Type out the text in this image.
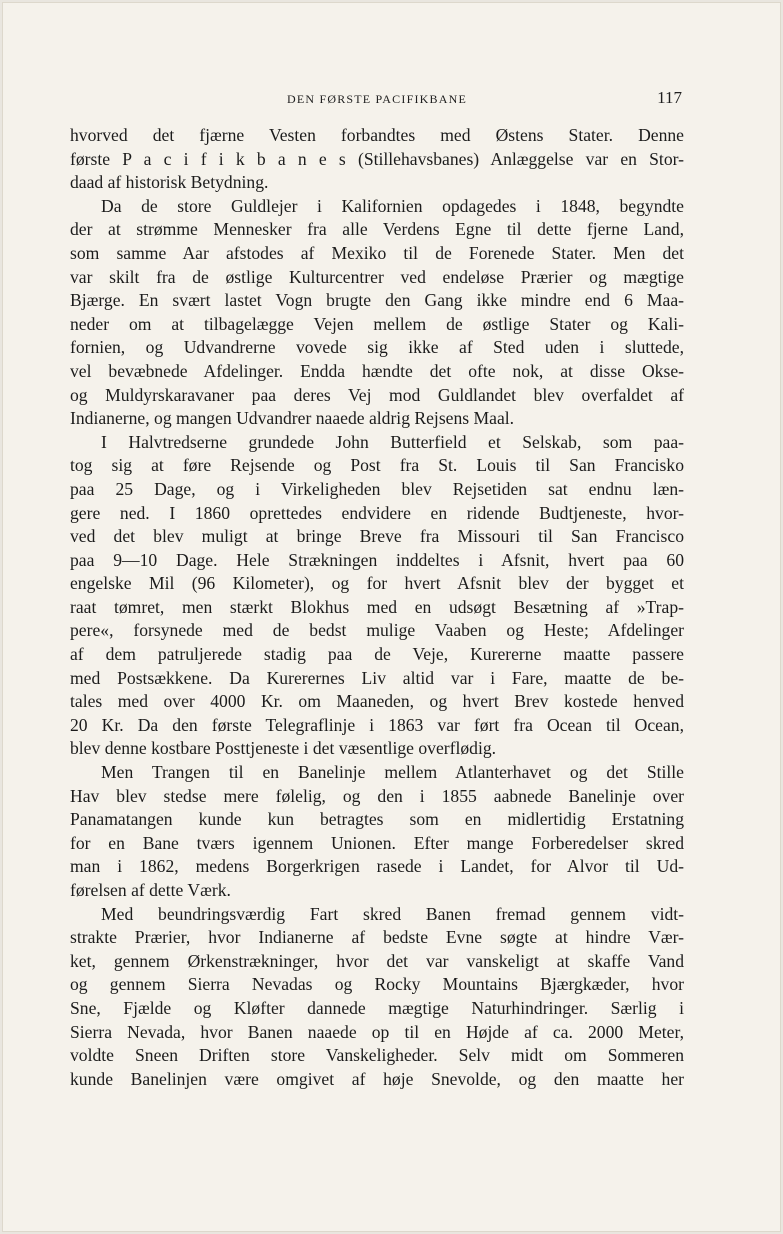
DEN FØRSTE PACIFIKBANE	117
hvorved det fjærne Vesten forbandtes med Østens Stater. Denne
første P a c i f i k b a n e s (Stillehavsbanes) Anlæggelse var en Stor-
daad af historisk Betydning.
Da de store Guldlejer i Kalifornien opdagedes i 1848, begyndte
der at strømme Mennesker fra alle Verdens Egne til dette fjerne Land,
som samme Aar afstodes af Mexiko til de Forenede Stater. Men det
var skilt fra de østlige Kulturcentrer ved endeløse Prærier og mægtige
Bjærge. En svært lastet Vogn brugte den Gang ikke mindre end 6 Maa-
neder om at tilbagelægge Vejen mellem de østlige Stater og Kali-
fornien, og Udvandrerne vovede sig ikke af Sted uden i sluttede,
vel bevæbnede Afdelinger. Endda hændte det ofte nok, at disse Okse-
og Muldyrskaravaner paa deres Vej mod Guldlandet blev overfaldet af
Indianerne, og mangen Udvandrer naaede aldrig Rejsens Maal.
I Halvtredserne grundede John Butterfield et Selskab, som paa-
tog sig at føre Rejsende og Post fra St. Louis til San Francisko
paa 25 Dage, og i Virkeligheden blev Rejsetiden sat endnu læn-
gere ned. I 1860 oprettedes endvidere en ridende Budtjeneste, hvor-
ved det blev muligt at bringe Breve fra Missouri til San Francisco
paa 9—10 Dage. Hele Strækningen inddeltes i Afsnit, hvert paa 60
engelske Mil (96 Kilometer), og for hvert Afsnit blev der bygget et
raat tømret, men stærkt Blokhus med en udsøgt Besætning af »Trap-
pere«, forsynede med de bedst mulige Vaaben og Heste; Afdelinger
af dem patruljerede stadig paa de Veje, Kurererne maatte passere
med Postsækkene. Da Kurerernes Liv altid var i Fare, maatte de be-
tales med over 4000 Kr. om Maaneden, og hvert Brev kostede henved
20 Kr. Da den første Telegraflinje i 1863 var ført fra Ocean til Ocean,
blev denne kostbare Posttjeneste i det væsentlige overflødig.
Men Trangen til en Banelinje mellem Atlanterhavet og det Stille
Hav blev stedse mere følelig, og den i 1855 aabnede Banelinje over
Panamatangen kunde kun betragtes som en midlertidig Erstatning
for en Bane tværs igennem Unionen. Efter mange Forberedelser skred
man i 1862, medens Borgerkrigen rasede i Landet, for Alvor til Ud-
førelsen af dette Værk.
Med beundringsværdig Fart skred Banen fremad gennem vidt-
strakte Prærier, hvor Indianerne af bedste Evne søgte at hindre Vær-
ket, gennem Ørkenstrækninger, hvor det var vanskeligt at skaffe Vand
og gennem Sierra Nevadas og Rocky Mountains Bjærgkæder, hvor
Sne, Fjælde og Kløfter dannede mægtige Naturhindringer. Særlig i
Sierra Nevada, hvor Banen naaede op til en Højde af ca. 2000 Meter,
voldte Sneen Driften store Vanskeligheder. Selv midt om Sommeren
kunde Banelinjen være omgivet af høje Snevolde, og den maatte her
